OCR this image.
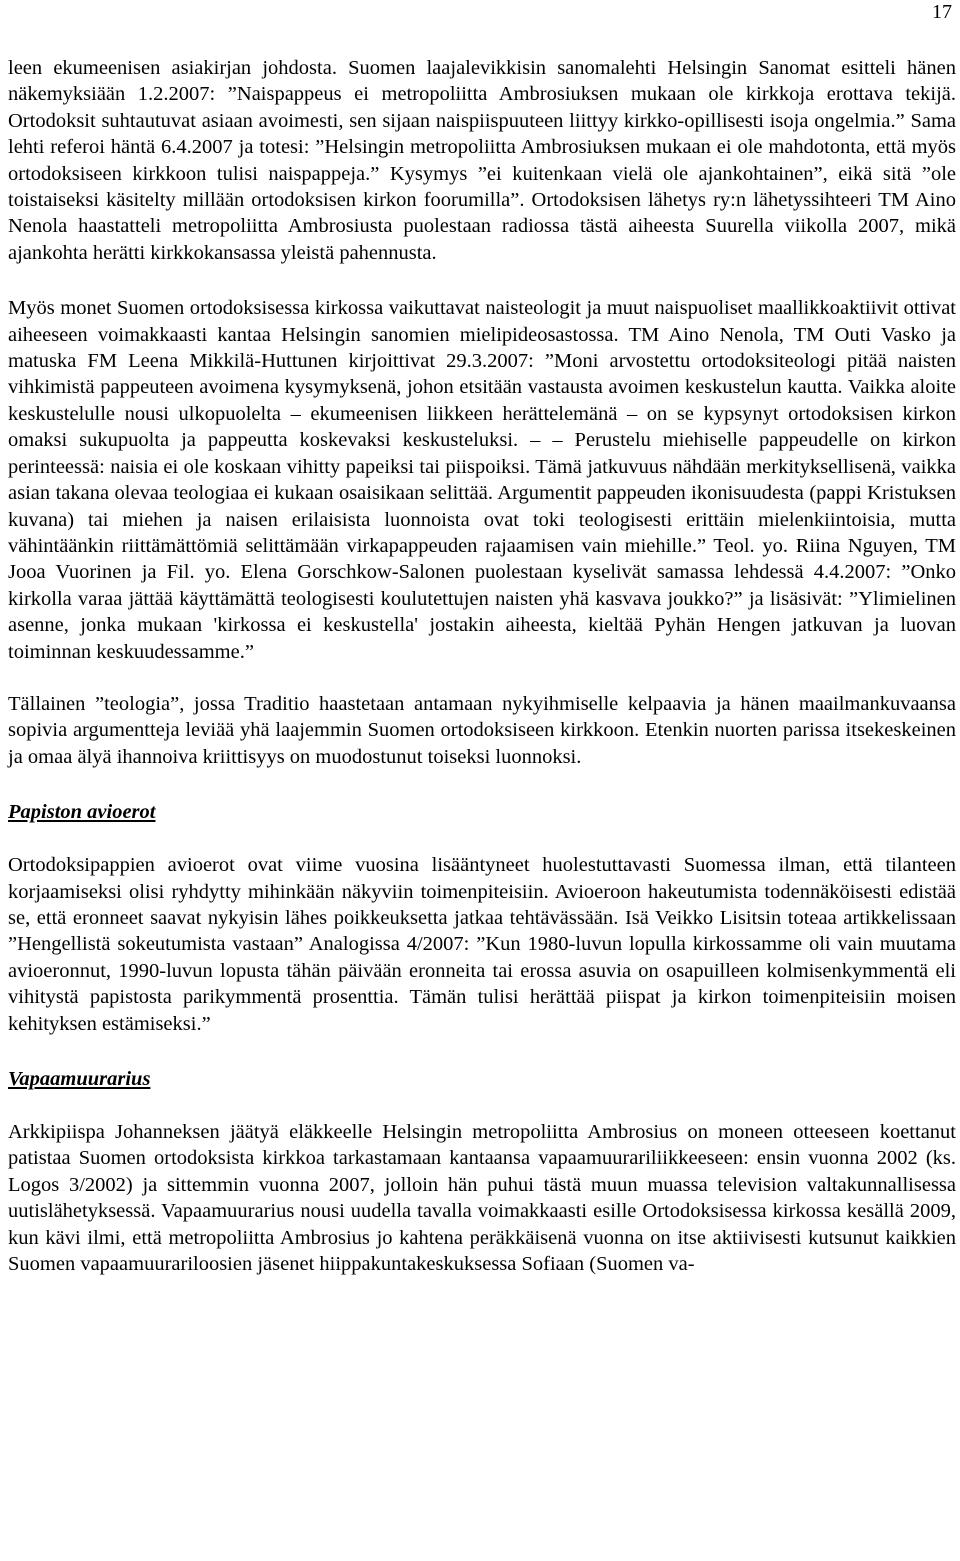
17

leen ekumeenisen asiakirjan johdosta. Suomen laajalevikkisin sanomalehti Helsingin Sanomat esitteli hänen näkemyksiään 1.2.2007: ”Naispappeus ei metropoliitta Ambrosiuksen mukaan ole kirkkoja erottava tekijä. Ortodoksit suhtautuvat asiaan avoimesti, sen sijaan naispiispuuteen liittyy kirkko-opillisesti isoja ongelmia.” Sama lehti referoi häntä 6.4.2007 ja totesi: ”Helsingin metropoliitta Ambrosiuksen mukaan ei ole mahdotonta, että myös ortodoksiseen kirkkoon tulisi naispappeja.” Kysymys ”ei kuitenkaan vielä ole ajankohtainen”, eikä sitä ”ole toistaiseksi käsitelty millään ortodoksisen kirkon foorumilla”. Ortodoksisen lähetys ry:n lähetyssihteeri TM Aino Nenola haastatteli metropoliitta Ambrosiusta puolestaan radiossa tästä aiheesta Suurella viikolla 2007, mikä ajankohta herätti kirkkokansassa yleistä pahennusta.

Myös monet Suomen ortodoksisessa kirkossa vaikuttavat naisteologit ja muut naispuoliset maallikkoaktiivit ottivat aiheeseen voimakkaasti kantaa Helsingin sanomien mielipideosastossa. TM Aino Nenola, TM Outi Vasko ja matuska FM Leena Mikkilä-Huttunen kirjoittivat 29.3.2007: ”Moni arvostettu ortodoksiteologi pitää naisten vihkimistä pappeuteen avoimena kysymyksenä, johon etsitään vastausta avoimen keskustelun kautta. Vaikka aloite keskustelulle nousi ulkopuolelta – ekumeenisen liikkeen herättelemänä – on se kypsynyt ortodoksisen kirkon omaksi sukupuolta ja pappeutta koskevaksi keskusteluksi. – – Perustelu miehiselle pappeudelle on kirkon perinteessä: naisia ei ole koskaan vihitty papeiksi tai piispoiksi. Tämä jatkuvuus nähdään merkityksellisenä, vaikka asian takana olevaa teologiaa ei kukaan osaisikaan selittää. Argumentit pappeuden ikonisuudesta (pappi Kristuksen kuvana) tai miehen ja naisen erilaisista luonnoista ovat toki teologisesti erittäin mielenkiintoisia, mutta vähintäänkin riittämättömiä selittämään virkapappeuden rajaamisen vain miehille.” Teol. yo. Riina Nguyen, TM Jooa Vuorinen ja Fil. yo. Elena Gorschkow-Salonen puolestaan kyselivät samassa lehdessä 4.4.2007: ”Onko kirkolla varaa jättää käyttämättä teologisesti koulutettujen naisten yhä kasvava joukko?” ja lisäsivät: ”Ylimielinen asenne, jonka mukaan 'kirkossa ei keskustella' jostakin aiheesta, kieltää Pyhän Hengen jatkuvan ja luovan toiminnan keskuudessamme.”

Tällainen ”teologia”, jossa Traditio haastetaan antamaan nykyihmiselle kelpaavia ja hänen maailmankuvaansa sopivia argumentteja leviää yhä laajemmin Suomen ortodoksiseen kirkkoon. Etenkin nuorten parissa itsekeskeinen ja omaa älyä ihannoiva kriittisyys on muodostunut toiseksi luonnoksi.

Papiston avioerot

Ortodoksipappien avioerot ovat viime vuosina lisääntyneet huolestuttavasti Suomessa ilman, että tilanteen korjaamiseksi olisi ryhdytty mihinkään näkyviin toimenpiteisiin. Avioeroon hakeutumista todennäköisesti edistää se, että eronneet saavat nykyisin lähes poikkeuksetta jatkaa tehtävässään. Isä Veikko Lisitsin toteaa artikkelissaan ”Hengellistä sokeutumista vastaan” Analogissa 4/2007: ”Kun 1980-luvun lopulla kirkossamme oli vain muutama avioeronnut, 1990-luvun lopusta tähän päivään eronneita tai erossa asuvia on osapuilleen kolmisenkymmentä eli vihitystä papistosta parikymmentä prosenttia. Tämän tulisi herättää piispat ja kirkon toimenpiteisiin moisen kehityksen estämiseksi.”

Vapaamuurarius

Arkkipiispa Johanneksen jäätyä eläkkeelle Helsingin metropoliitta Ambrosius on moneen otteeseen koettanut patistaa Suomen ortodoksista kirkkoa tarkastamaan kantaansa vapaamuurariliikkeeseen: ensin vuonna 2002 (ks. Logos 3/2002) ja sittemmin vuonna 2007, jolloin hän puhui tästä muun muassa television valtakunnallisessa uutislähetyksessä. Vapaamuurarius nousi uudella tavalla voimakkaasti esille Ortodoksisessa kirkossa kesällä 2009, kun kävi ilmi, että metropoliitta Ambrosius jo kahtena peräkkäisenä vuonna on itse aktiivisesti kutsunut kaikkien Suomen vapaamuurariloosien jäsenet hiippakuntakeskuksessa Sofiaan (Suomen va-
